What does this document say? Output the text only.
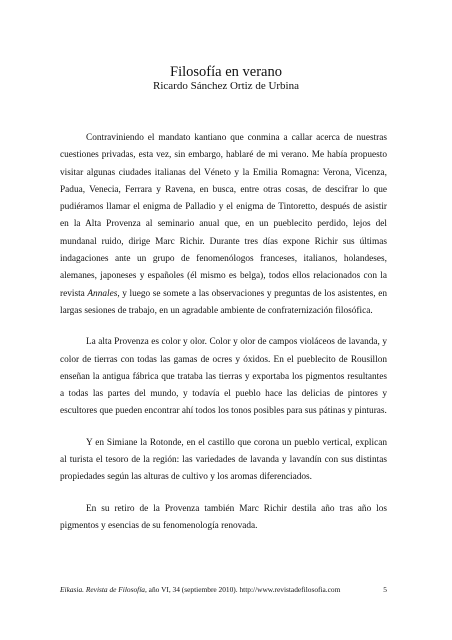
Filosofía en verano
Ricardo Sánchez Ortiz de Urbina

Contraviniendo el mandato kantiano que conmina a callar acerca de nuestras cuestiones privadas, esta vez, sin embargo, hablaré de mi verano. Me había propuesto visitar algunas ciudades italianas del Véneto y la Emilia Romagna: Verona, Vicenza, Padua, Venecia, Ferrara y Ravena, en busca, entre otras cosas, de descifrar lo que pudiéramos llamar el enigma de Palladio y el enigma de Tintoretto, después de asistir en la Alta Provenza al seminario anual que, en un pueblecito perdido, lejos del mundanal ruido, dirige Marc Richir. Durante tres días expone Richir sus últimas indagaciones ante un grupo de fenomenólogos franceses, italianos, holandeses, alemanes, japoneses y españoles (él mismo es belga), todos ellos relacionados con la revista Annales, y luego se somete a las observaciones y preguntas de los asistentes, en largas sesiones de trabajo, en un agradable ambiente de confraternización filosófica.

La alta Provenza es color y olor. Color y olor de campos violáceos de lavanda, y color de tierras con todas las gamas de ocres y óxidos. En el pueblecito de Rousillon enseñan la antigua fábrica que trataba las tierras y exportaba los pigmentos resultantes a todas las partes del mundo, y todavía el pueblo hace las delicias de pintores y escultores que pueden encontrar ahí todos los tonos posibles para sus pátinas y pinturas.

Y en Simiane la Rotonde, en el castillo que corona un pueblo vertical, explican al turista el tesoro de la región: las variedades de lavanda y lavandín con sus distintas propiedades según las alturas de cultivo y los aromas diferenciados.

En su retiro de la Provenza también Marc Richir destila año tras año los pigmentos y esencias de su fenomenología renovada.

Eikasia. Revista de Filosofía, año VI, 34 (septiembre 2010). http://www.revistadefilosofia.com	5
